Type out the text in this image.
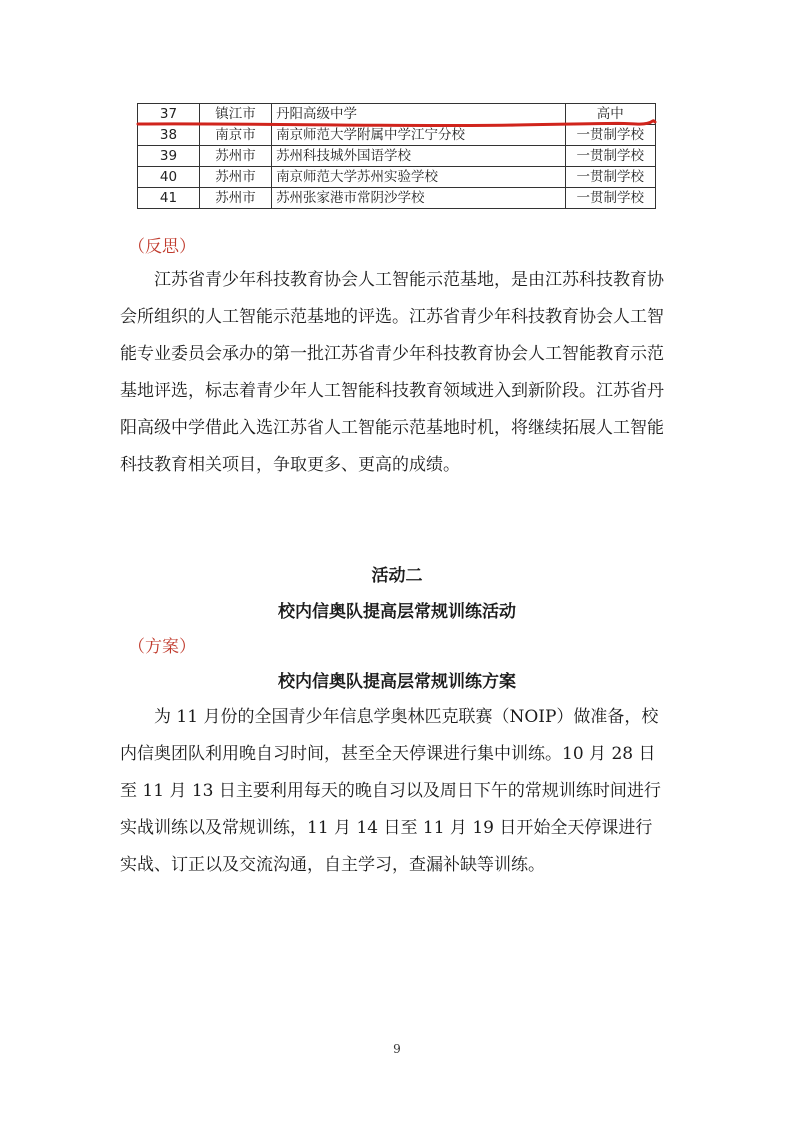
37	镇江市	丹阳高级中学	高中
38	南京市	南京师范大学附属中学江宁分校	一贯制学校
39	苏州市	苏州科技城外国语学校	一贯制学校
40	苏州市	南京师范大学苏州实验学校	一贯制学校
41	苏州市	苏州张家港市常阴沙学校	一贯制学校
（反思）

江苏省青少年科技教育协会人工智能示范基地，是由江苏科技教育协会所组织的人工智能示范基地的评选。江苏省青少年科技教育协会人工智能专业委员会承办的第一批江苏省青少年科技教育协会人工智能教育示范基地评选，标志着青少年人工智能科技教育领域进入到新阶段。江苏省丹阳高级中学借此入选江苏省人工智能示范基地时机，将继续拓展人工智能科技教育相关项目，争取更多、更高的成绩。

活动二
校内信奥队提高层常规训练活动
（方案）
校内信奥队提高层常规训练方案

为 11 月份的全国青少年信息学奥林匹克联赛（NOIP）做准备，校内信奥团队利用晚自习时间，甚至全天停课进行集中训练。10 月 28 日至 11 月 13 日主要利用每天的晚自习以及周日下午的常规训练时间进行实战训练以及常规训练，11 月 14 日至 11 月 19 日开始全天停课进行实战、订正以及交流沟通，自主学习，查漏补缺等训练。

9
